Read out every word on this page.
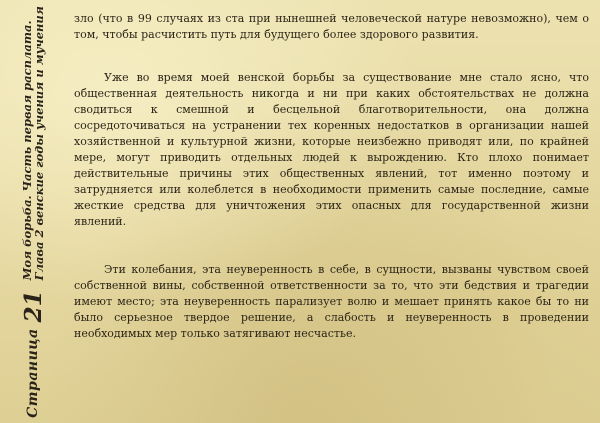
Страница
21
Моя борьба. Часть первая расплата.
Глава 2 венские годы учения и мучения	зло (что в 99 случаях из ста при нынешней человеческой натуре невозможно), чем о том, чтобы расчистить путь для будущего более здорового развития.

Уже во время моей венской борьбы за существование мне стало ясно, что общественная деятельность никогда и ни при каких обстоятельствах не должна сводиться к смешной и бесцельной благотворительности, она должна сосредоточиваться на устранении тех коренных недостатков в организации нашей хозяйственной и культурной жизни, которые неизбежно приводят или, по крайней мере, могут приводить отдельных людей к вырождению. Кто плохо понимает действительные причины этих общественных явлений, тот именно поэтому и затрудняется или колеблется в необходимости применить самые последние, самые жесткие средства для уничтожения этих опасных для государственной жизни явлений.

Эти колебания, эта неуверенность в себе, в сущности, вызваны чувством своей собственной вины, собственной ответственности за то, что эти бедствия и трагедии имеют место; эта неуверенность парализует волю и мешает принять какое бы то ни было серьезное твердое решение, а слабость и неуверенность в проведении необходимых мер только затягивают несчастье.
